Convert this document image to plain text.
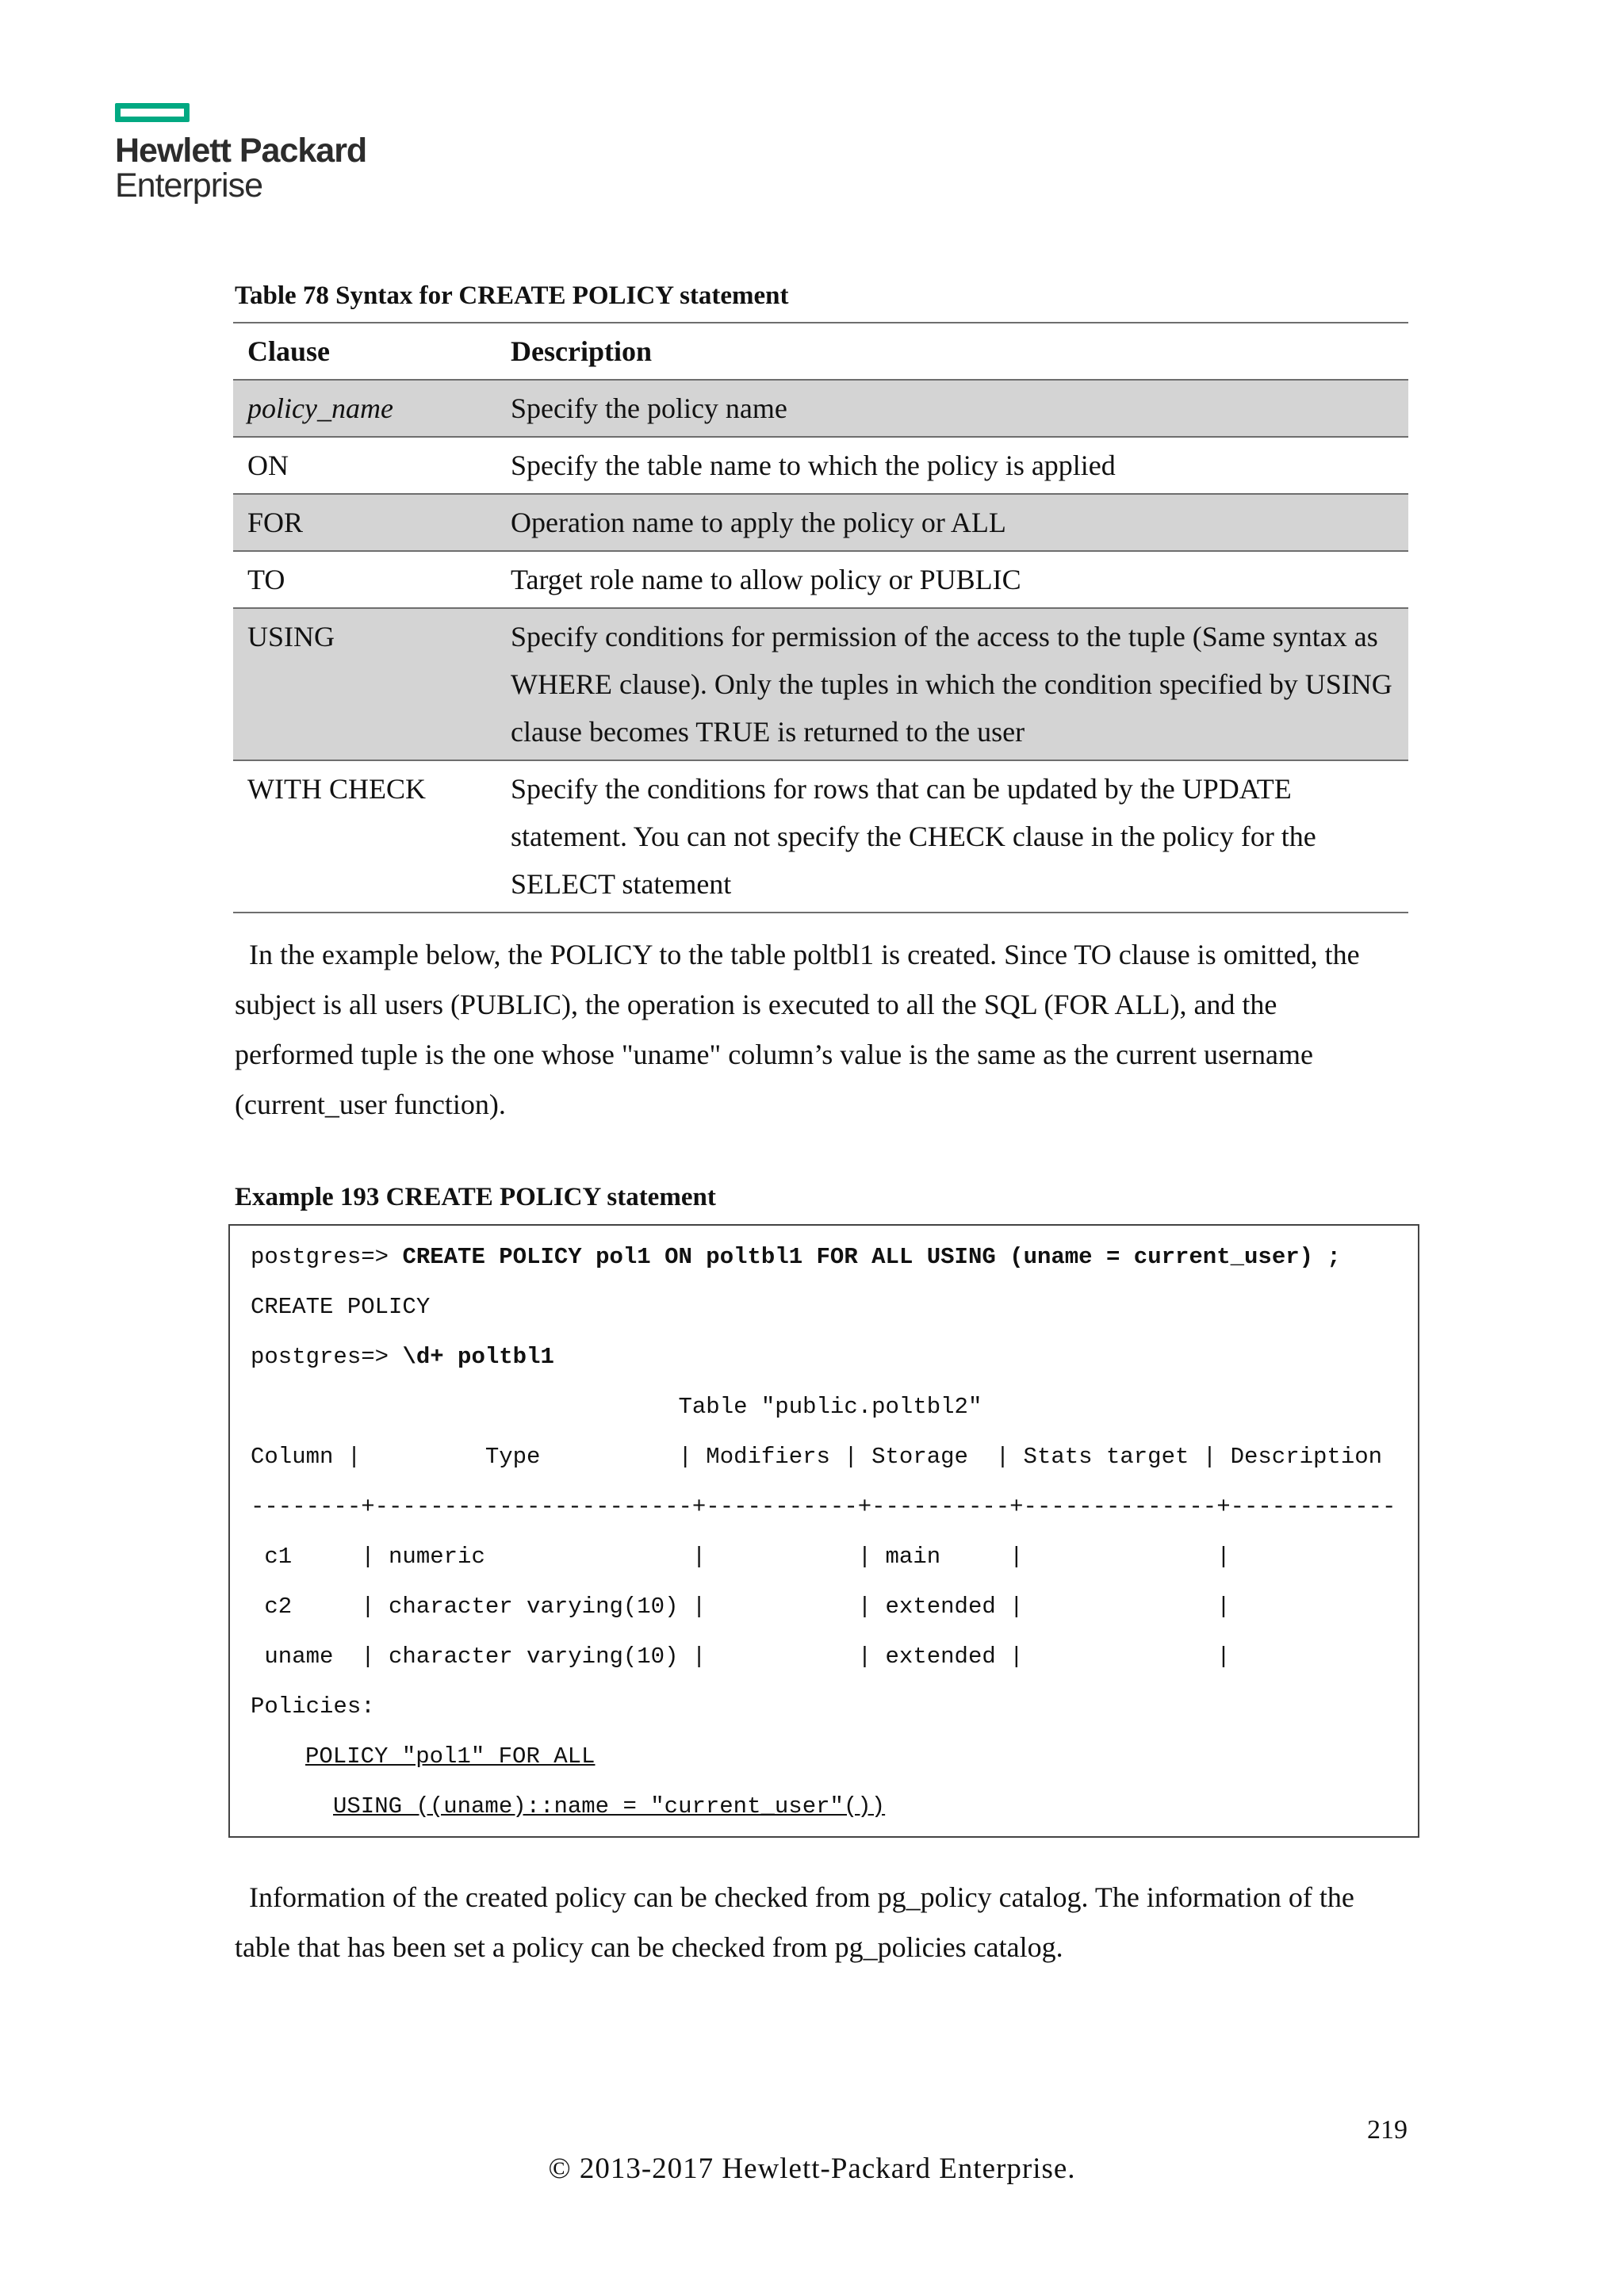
Hewlett Packard
Enterprise
Table 78 Syntax for CREATE POLICY statement
Clause	Description
policy_name	Specify the policy name
ON	Specify the table name to which the policy is applied
FOR	Operation name to apply the policy or ALL
TO	Target role name to allow policy or PUBLIC
USING	Specify conditions for permission of the access to the tuple (Same syntax as WHERE clause). Only the tuples in which the condition specified by USING clause becomes TRUE is returned to the user
WITH CHECK	Specify the conditions for rows that can be updated by the UPDATE statement. You can not specify the CHECK clause in the policy for the SELECT statement

In the example below, the POLICY to the table poltbl1 is created. Since TO clause is omitted, the subject is all users (PUBLIC), the operation is executed to all the SQL (FOR ALL), and the performed tuple is the one whose "uname" column’s value is the same as the current username (current_user function).

Example 193 CREATE POLICY statement
postgres=> CREATE POLICY pol1 ON poltbl1 FOR ALL USING (uname = current_user) ;
CREATE POLICY
postgres=> \d+ poltbl1
Table "public.poltbl2"
Column |         Type          | Modifiers | Storage  | Stats target | Description
--------+-----------------------+-----------+----------+--------------+------------
c1     | numeric               |           | main     |              |
c2     | character varying(10) |           | extended |              |
uname  | character varying(10) |           | extended |              |
Policies:
POLICY "pol1" FOR ALL
USING ((uname)::name = "current_user"())

Information of the created policy can be checked from pg_policy catalog. The information of the table that has been set a policy can be checked from pg_policies catalog.

219
© 2013-2017 Hewlett-Packard Enterprise.
